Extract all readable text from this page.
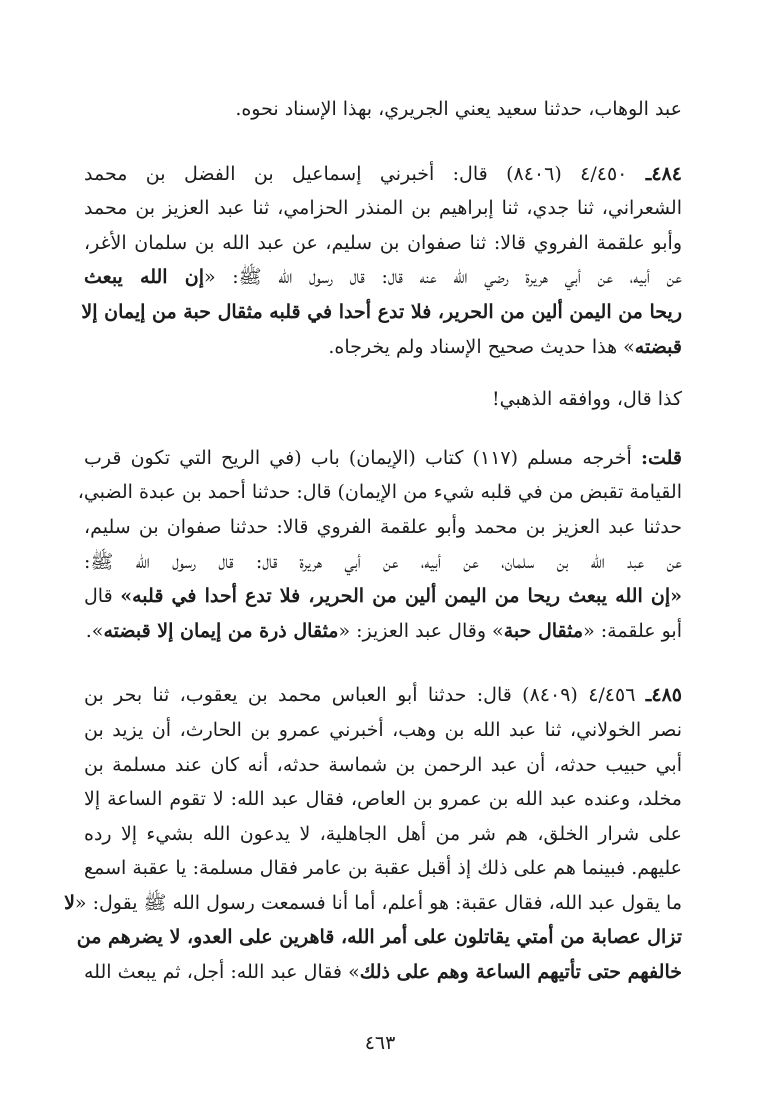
عبد الوهاب، حدثنا سعيد يعني الجريري، بهذا الإسناد نحوه.
٤٨٤ـ ٤/٤٥٠ (٨٤٠٦) قال: أخبرني إسماعيل بن الفضل بن محمد
الشعراني، ثنا جدي، ثنا إبراهيم بن المنذر الحزامي، ثنا عبد العزيز بن محمد
وأبو علقمة الفروي قالا: ثنا صفوان بن سليم، عن عبد الله بن سلمان الأغر،
عن أبيه، عن أبي هريرة رضي الله عنه قال: قال رسول الله ﷺ: «إن الله يبعث
ريحا من اليمن ألين من الحرير، فلا تدع أحدا في قلبه مثقال حبة من إيمان إلا
قبضته» هذا حديث صحيح الإسناد ولم يخرجاه.
كذا قال، ووافقه الذهبي!
قلت: أخرجه مسلم (١١٧) كتاب (الإيمان) باب (في الريح التي تكون قرب
القيامة تقبض من في قلبه شيء من الإيمان) قال: حدثنا أحمد بن عبدة الضبي،
حدثنا عبد العزيز بن محمد وأبو علقمة الفروي قالا: حدثنا صفوان بن سليم،
عن عبد الله بن سلمان، عن أبيه، عن أبي هريرة قال: قال رسول الله ﷺ:
«إن الله يبعث ريحا من اليمن ألين من الحرير، فلا تدع أحدا في قلبه» قال
أبو علقمة: «مثقال حبة» وقال عبد العزيز: «مثقال ذرة من إيمان إلا قبضته».
٤٨٥ـ ٤/٤٥٦ (٨٤٠٩) قال: حدثنا أبو العباس محمد بن يعقوب، ثنا بحر بن
نصر الخولاني، ثنا عبد الله بن وهب، أخبرني عمرو بن الحارث، أن يزيد بن
أبي حبيب حدثه، أن عبد الرحمن بن شماسة حدثه، أنه كان عند مسلمة بن
مخلد، وعنده عبد الله بن عمرو بن العاص، فقال عبد الله: لا تقوم الساعة إلا
على شرار الخلق، هم شر من أهل الجاهلية، لا يدعون الله بشيء إلا رده
عليهم. فبينما هم على ذلك إذ أقبل عقبة بن عامر فقال مسلمة: يا عقبة اسمع
ما يقول عبد الله، فقال عقبة: هو أعلم، أما أنا فسمعت رسول الله ﷺ يقول: «لا
تزال عصابة من أمتي يقاتلون على أمر الله، قاهرين على العدو، لا يضرهم من
خالفهم حتى تأتيهم الساعة وهم على ذلك» فقال عبد الله: أجل، ثم يبعث الله
٤٦٣
